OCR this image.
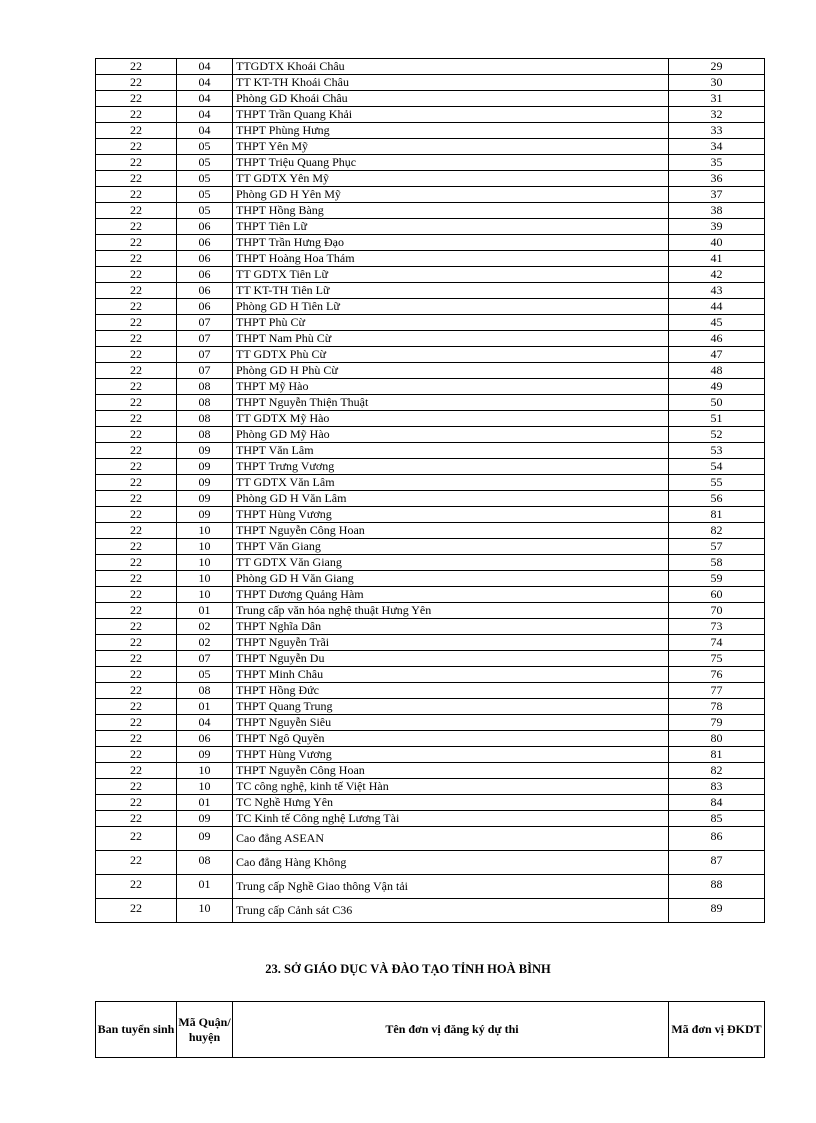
22	04	TTGDTX Khoái Châu	29
22	04	TT KT-TH Khoái Châu	30
22	04	Phòng GD Khoái Châu	31
22	04	THPT Trần Quang Khải	32
22	04	THPT Phùng Hưng	33
22	05	THPT Yên Mỹ	34
22	05	THPT Triệu Quang Phục	35
22	05	TT GDTX Yên Mỹ	36
22	05	Phòng GD H Yên Mỹ	37
22	05	THPT Hồng Bàng	38
22	06	THPT Tiên Lữ	39
22	06	THPT Trần Hưng Đạo	40
22	06	THPT Hoàng Hoa Thám	41
22	06	TT GDTX Tiên Lữ	42
22	06	TT KT-TH Tiên Lữ	43
22	06	Phòng GD H Tiên Lữ	44
22	07	THPT Phù Cừ	45
22	07	THPT Nam Phù Cừ	46
22	07	TT GDTX Phù Cừ	47
22	07	Phòng GD H Phù Cừ	48
22	08	THPT Mỹ Hào	49
22	08	THPT Nguyễn Thiện Thuật	50
22	08	TT GDTX Mỹ Hào	51
22	08	Phòng GD Mỹ Hào	52
22	09	THPT Văn Lâm	53
22	09	THPT Trưng Vương	54
22	09	TT GDTX Văn Lâm	55
22	09	Phòng GD H Văn Lâm	56
22	09	THPT Hùng Vương	81
22	10	THPT Nguyễn Công Hoan	82
22	10	THPT Văn Giang	57
22	10	TT GDTX Văn Giang	58
22	10	Phòng GD H Văn Giang	59
22	10	THPT Dương Quảng Hàm	60
22	01	Trung cấp văn hóa nghệ thuật Hưng Yên	70
22	02	THPT Nghĩa Dân	73
22	02	THPT Nguyễn Trãi	74
22	07	THPT Nguyễn Du	75
22	05	THPT Minh Châu	76
22	08	THPT Hồng Đức	77
22	01	THPT Quang Trung	78
22	04	THPT Nguyễn Siêu	79
22	06	THPT Ngô Quyền	80
22	09	THPT Hùng Vương	81
22	10	THPT Nguyễn Công Hoan	82
22	10	TC công nghệ, kinh tế Việt Hàn	83
22	01	TC Nghề Hưng Yên	84
22	09	TC Kinh tế Công nghệ Lương Tài	85
22	09	Cao đẳng ASEAN	86
22	08	Cao đẳng Hàng Không	87
22	01	Trung cấp Nghề Giao thông Vận tải	88
22	10	Trung cấp Cảnh sát C36	89
23. SỞ GIÁO DỤC VÀ ĐÀO TẠO TỈNH HOÀ BÌNH
Ban tuyển sinh	Mã Quận/ huyện	Tên đơn vị đăng ký dự thi	Mã đơn vị ĐKDT
